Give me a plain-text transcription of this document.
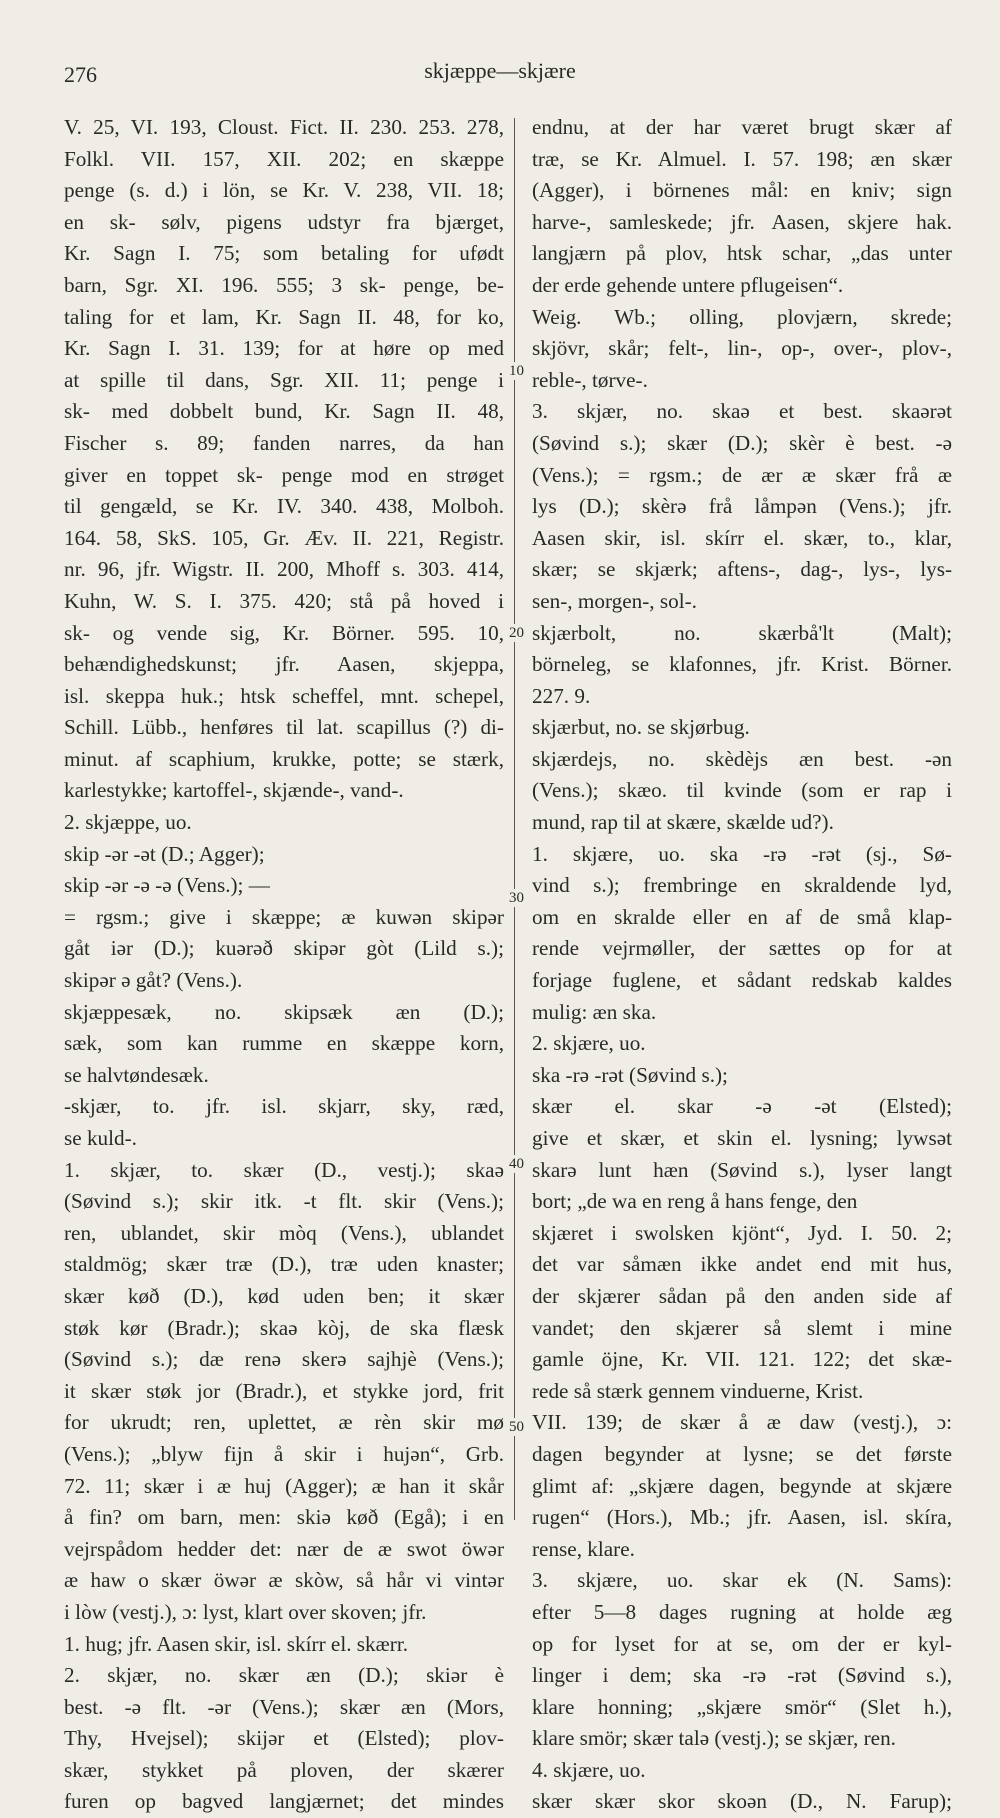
276	skjæppe—skjære
V. 25, VI. 193, Cloust. Fict. II. 230. 253. 278,
Folkl. VII. 157, XII. 202; en skæppe
penge (s. d.) i lön, se Kr. V. 238, VII. 18;
en sk- sølv, pigens udstyr fra bjærget,
Kr. Sagn I. 75; som betaling for ufødt
barn, Sgr. XI. 196. 555; 3 sk- penge, be-
taling for et lam, Kr. Sagn II. 48, for ko,
Kr. Sagn I. 31. 139; for at høre op med
at spille til dans, Sgr. XII. 11; penge i
sk- med dobbelt bund, Kr. Sagn II. 48,
Fischer s. 89; fanden narres, da han
giver en toppet sk- penge mod en strøget
til gengæld, se Kr. IV. 340. 438, Molboh.
164. 58, SkS. 105, Gr. Æv. II. 221, Registr.
nr. 96, jfr. Wigstr. II. 200, Mhoff s. 303. 414,
Kuhn, W. S. I. 375. 420; stå på hoved i
sk- og vende sig, Kr. Börner. 595. 10,
behændighedskunst; jfr. Aasen, skjeppa,
isl. skeppa huk.; htsk scheffel, mnt. schepel,
Schill. Lübb., henføres til lat. scapillus (?) di-
minut. af scaphium, krukke, potte; se stærk,
karlestykke; kartoffel-, skjænde-, vand-.
2. skjæppe, uo.
skip -ər -ət (D.; Agger);
skip -ər -ə -ə (Vens.); —
= rgsm.; give i skæppe; æ kuwən skipər
gåt iər (D.); kuərəð skipər gòt (Lild s.);
skipər ə gåt? (Vens.).
skjæppesæk, no. skipsæk æn (D.);
sæk, som kan rumme en skæppe korn,
se halvtøndesæk.
-skjær, to. jfr. isl. skjarr, sky, ræd,
se kuld-.
1. skjær, to. skær (D., vestj.); skaə
(Søvind s.); skir itk. -t flt. skir (Vens.);
ren, ublandet, skir mòq (Vens.), ublandet
staldmög; skær træ (D.), træ uden knaster;
skær køð (D.), kød uden ben; it skær
støk kør (Bradr.); skaə kòj, de ska flæsk
(Søvind s.); dæ renə skerə sajhjè (Vens.);
it skær støk jor (Bradr.), et stykke jord, frit
for ukrudt; ren, uplettet, æ rèn skir mø
(Vens.); „blyw fijn å skir i hujən“, Grb.
72. 11; skær i æ huj (Agger); æ han it skår
å fin? om barn, men: skiə køð (Egå); i en
vejrspådom hedder det: nær de æ swot öwər
æ haw o skær öwər æ skòw, så hår vi vintər
i lòw (vestj.), ɔ: lyst, klart over skoven; jfr.
1. hug; jfr. Aasen skir, isl. skírr el. skærr.
2. skjær, no. skær æn (D.); skiər è
best. -ə flt. -ər (Vens.); skær æn (Mors,
Thy, Hvejsel); skijər et (Elsted); plov-
skær, stykket på ploven, der skærer
furen op bagved langjærnet; det mindes
endnu, at der har været brugt skær af
træ, se Kr. Almuel. I. 57. 198; æn skær
(Agger), i börnenes mål: en kniv; sign
harve-, samleskede; jfr. Aasen, skjere hak.
langjærn på plov, htsk schar, „das unter
der erde gehende untere pflugeisen“.
Weig. Wb.; olling, plovjærn, skrede;
skjövr, skår; felt-, lin-, op-, over-, plov-,
reble-, tørve-.
3. skjær, no. skaə et best. skaərət
(Søvind s.); skær (D.); skèr è best. -ə
(Vens.); = rgsm.; de ær æ skær frå æ
lys (D.); skèrə frå låmpən (Vens.); jfr.
Aasen skir, isl. skírr el. skær, to., klar,
skær; se skjærk; aftens-, dag-, lys-, lys-
sen-, morgen-, sol-.
skjærbolt, no. skærbå'lt (Malt);
börneleg, se klafonnes, jfr. Krist. Börner.
227. 9.
skjærbut, no. se skjørbug.
skjærdejs, no. skèdèjs æn best. -ən
(Vens.); skæo. til kvinde (som er rap i
mund, rap til at skære, skælde ud?).
1. skjære, uo. ska -rə -rət (sj., Sø-
vind s.); frembringe en skraldende lyd,
om en skralde eller en af de små klap-
rende vejrmøller, der sættes op for at
forjage fuglene, et sådant redskab kaldes
mulig: æn ska.
2. skjære, uo.
ska -rə -rət (Søvind s.);
skær el. skar -ə -ət (Elsted);
give et skær, et skin el. lysning; lywsət
skarə lunt hæn (Søvind s.), lyser langt
bort; „de wa en reng å hans fenge, den
skjæret i swolsken kjönt“, Jyd. I. 50. 2;
det var såmæn ikke andet end mit hus,
der skjærer sådan på den anden side af
vandet; den skjærer så slemt i mine
gamle öjne, Kr. VII. 121. 122; det skæ-
rede så stærk gennem vinduerne, Krist.
VII. 139; de skær å æ daw (vestj.), ɔ:
dagen begynder at lysne; se det første
glimt af: „skjære dagen, begynde at skjære
rugen“ (Hors.), Mb.; jfr. Aasen, isl. skíra,
rense, klare.
3. skjære, uo. skar ek (N. Sams):
efter 5—8 dages rugning at holde æg
op for lyset for at se, om der er kyl-
linger i dem; ska -rə -rət (Søvind s.),
klare honning; „skjære smör“ (Slet h.),
klare smör; skær talə (vestj.); se skjær, ren.
4. skjære, uo.
skær skær skor skoən (D., N. Farup);
10
20
30
40
50
